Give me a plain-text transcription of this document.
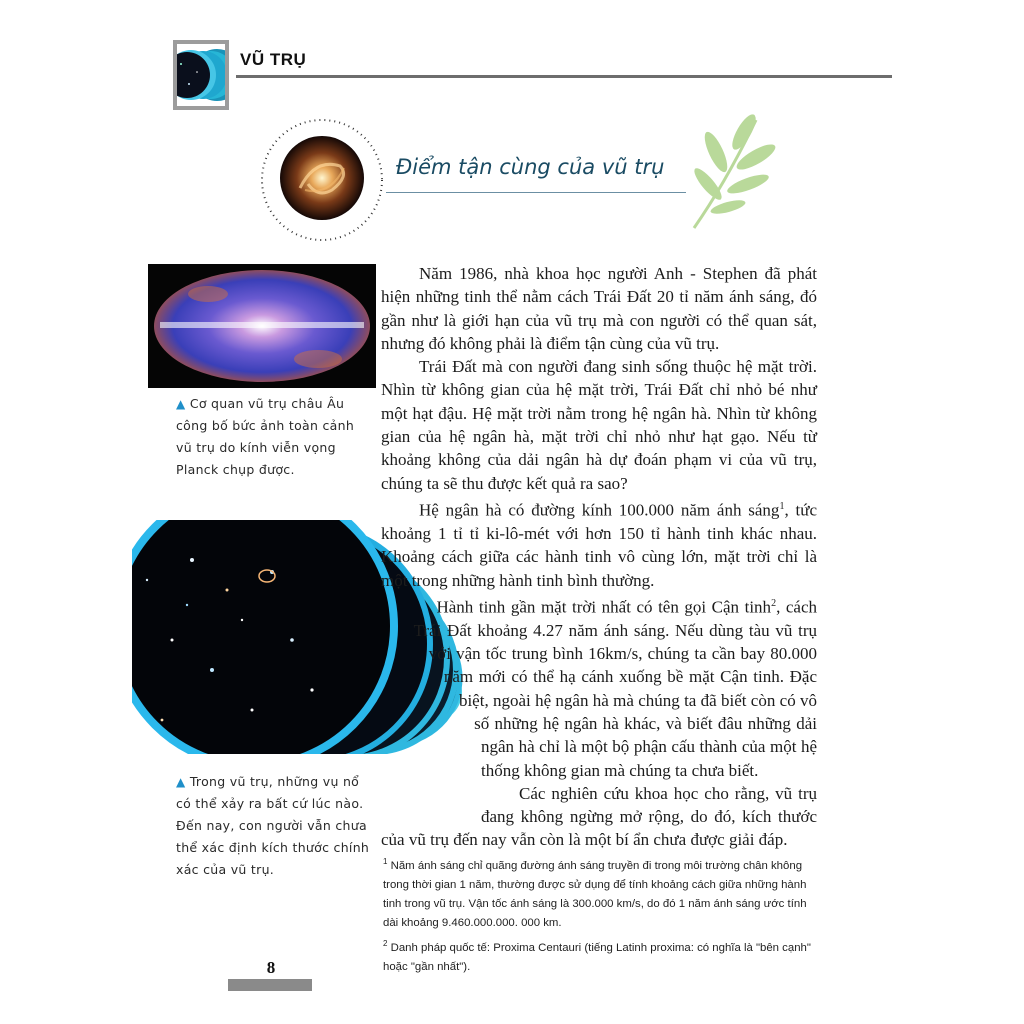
VŨ TRỤ
Điểm tận cùng của vũ trụ
▲ Cơ quan vũ trụ châu Âu công bố bức ảnh toàn cảnh vũ trụ do kính viễn vọng Planck chụp được.
▲ Trong vũ trụ, những vụ nổ có thể xảy ra bất cứ lúc nào. Đến nay, con người vẫn chưa thể xác định kích thước chính xác của vũ trụ.

Năm 1986, nhà khoa học người Anh - Stephen đã phát hiện những tinh thể nằm cách Trái Đất 20 tỉ năm ánh sáng, đó gần như là giới hạn của vũ trụ mà con người có thể quan sát, nhưng đó không phải là điểm tận cùng của vũ trụ.

Trái Đất mà con người đang sinh sống thuộc hệ mặt trời. Nhìn từ không gian của hệ mặt trời, Trái Đất chỉ nhỏ bé như một hạt đậu. Hệ mặt trời nằm trong hệ ngân hà. Nhìn từ không gian của hệ ngân hà, mặt trời chỉ nhỏ như hạt gạo. Nếu từ khoảng không của dải ngân hà dự đoán phạm vi của vũ trụ, chúng ta sẽ thu được kết quả ra sao?

Hệ ngân hà có đường kính 100.000 năm ánh sáng$^1$, tức khoảng 1 tỉ tỉ ki-lô-mét với hơn 150 tỉ hành tinh khác nhau. Khoảng cách giữa các hành tinh vô cùng lớn, mặt trời chỉ là một trong những hành tinh bình thường.

Hành tinh gần mặt trời nhất có tên gọi Cận tinh$^2$, cách Trái Đất khoảng 4.27 năm ánh sáng. Nếu dùng tàu vũ trụ với vận tốc trung bình 16km/s, chúng ta cần bay 80.000 năm mới có thể hạ cánh xuống bề mặt Cận tinh. Đặc biệt, ngoài hệ ngân hà mà chúng ta đã biết còn có vô số những hệ ngân hà khác, và biết đâu những dải ngân hà chỉ là một bộ phận cấu thành của một hệ thống không gian mà chúng ta chưa biết.

Các nghiên cứu khoa học cho rằng, vũ trụ đang không ngừng mở rộng, do đó, kích thước của vũ trụ đến nay vẫn còn là một bí ẩn chưa được giải đáp.

$^1$ Năm ánh sáng chỉ quãng đường ánh sáng truyền đi trong môi trường chân không trong thời gian 1 năm, thường được sử dụng để tính khoảng cách giữa những hành tinh trong vũ trụ. Vận tốc ánh sáng là 300.000 km/s, do đó 1 năm ánh sáng ước tính dài khoảng 9.460.000.000. 000 km.

$^2$ Danh pháp quốc tế: Proxima Centauri (tiếng Latinh proxima: có nghĩa là "bên cạnh" hoặc "gần nhất").

8
